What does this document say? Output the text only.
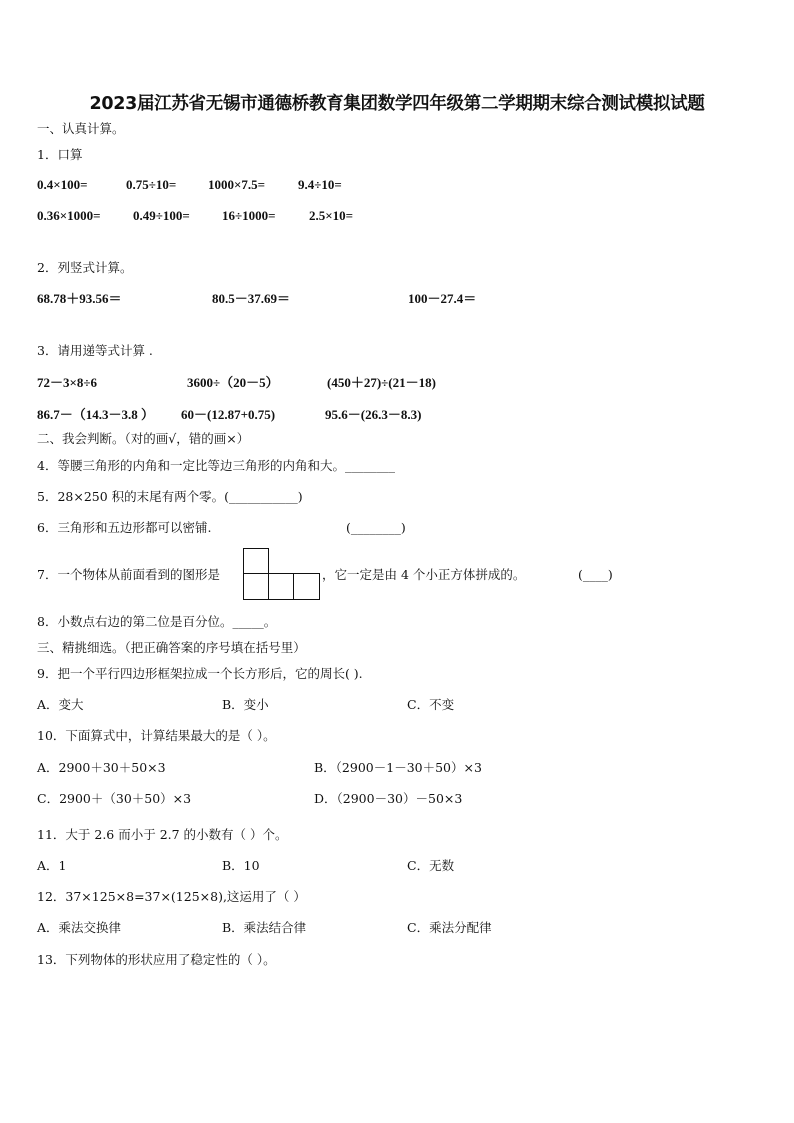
2023届江苏省无锡市通德桥教育集团数学四年级第二学期期末综合测试模拟试题
一、认真计算。
1．口算
0.4×100=	0.75÷10= 1000×7.5=	9.4÷10=
0.36×1000= 0.49÷100= 16÷1000=	2.5×10=
2．列竖式计算。
68.78＋93.56＝	80.5－37.69＝	100－27.4＝
3．请用递等式计算 .
72－3×8÷6	3600÷（20－5）	(450＋27)÷(21－18)
86.7－（14.3－3.8 ） 60－(12.87+0.75)	95.6－(26.3－8.3)
二、我会判断。（对的画√，错的画×）
4．等腰三角形的内角和一定比等边三角形的内角和大。________
5．28×250 积的末尾有两个零。(___________)
6．三角形和五边形都可以密铺.	(________)
7．一个物体从前面看到的图形是	，它一定是由 4 个小正方体拼成的。	(____)
8．小数点右边的第二位是百分位。_____。
三、精挑细选。（把正确答案的序号填在括号里）
9．把一个平行四边形框架拉成一个长方形后，它的周长( ).
A．变大	B．变小	C．不变
10．下面算式中，计算结果最大的是（ ）。
A．2900＋30＋50×3	B．（2900－1－30＋50）×3
C．2900＋（30＋50）×3	D．（2900－30）－50×3
11．大于 2.6 而小于 2.7 的小数有（ ）个。
A．1	B．10	C．无数
12．37×125×8=37×(125×8),这运用了（ ）
A．乘法交换律	B．乘法结合律	C．乘法分配律
13．下列物体的形状应用了稳定性的（ ）。
